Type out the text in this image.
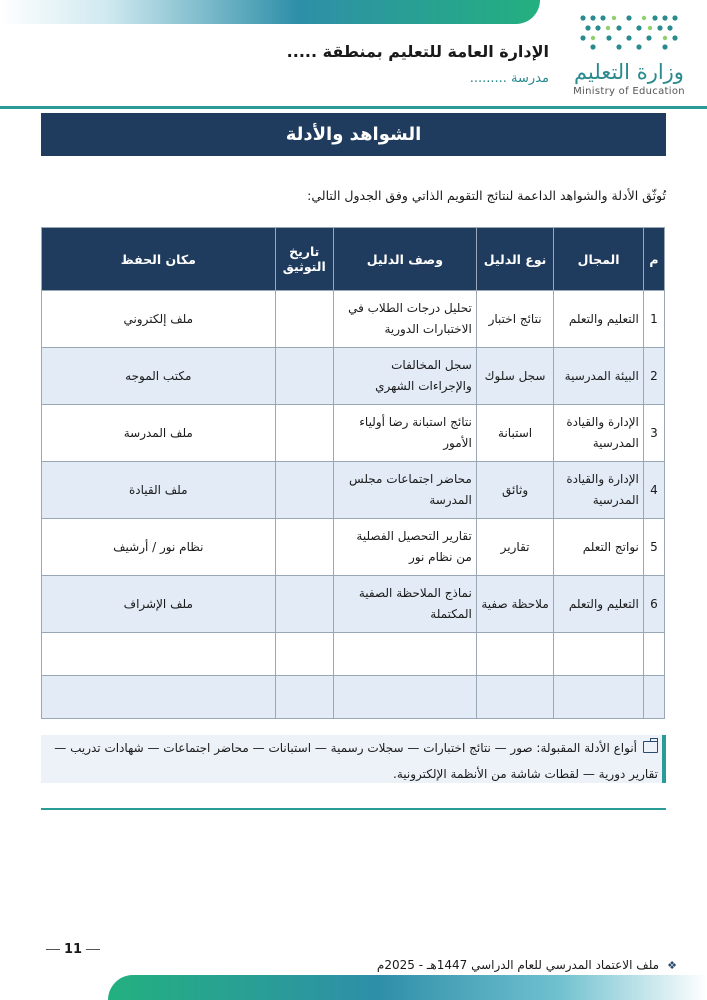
وزارة التعليم
Ministry of Education
الإدارة العامة للتعليم بمنطقة .....
مدرسة .........
الشواهد والأدلة
تُوثّق الأدلة والشواهد الداعمة لنتائج التقويم الذاتي وفق الجدول التالي:
م	المجال	نوع الدليل	وصف الدليل	تاريخ التوثيق	مكان الحفظ
1	التعليم والتعلم	نتائج اختبار	تحليل درجات الطلاب في الاختبارات الدورية		ملف إلكتروني
2	البيئة المدرسية	سجل سلوك	سجل المخالفات والإجراءات الشهري		مكتب الموجه
3	الإدارة والقيادة المدرسية	استبانة	نتائج استبانة رضا أولياء الأمور		ملف المدرسة
4	الإدارة والقيادة المدرسية	وثائق	محاضر اجتماعات مجلس المدرسة		ملف القيادة
5	نواتج التعلم	تقارير	تقارير التحصيل الفصلية من نظام نور		نظام نور / أرشيف
6	التعليم والتعلم	ملاحظة صفية	نماذج الملاحظة الصفية المكتملة		ملف الإشراف

أنواع الأدلة المقبولة: صور — نتائج اختبارات — سجلات رسمية — استبانات — محاضر اجتماعات — شهادات تدريب — تقارير دورية — لقطات شاشة من الأنظمة الإلكترونية.
11
❖ملف الاعتماد المدرسي للعام الدراسي 1447هـ - 2025م
